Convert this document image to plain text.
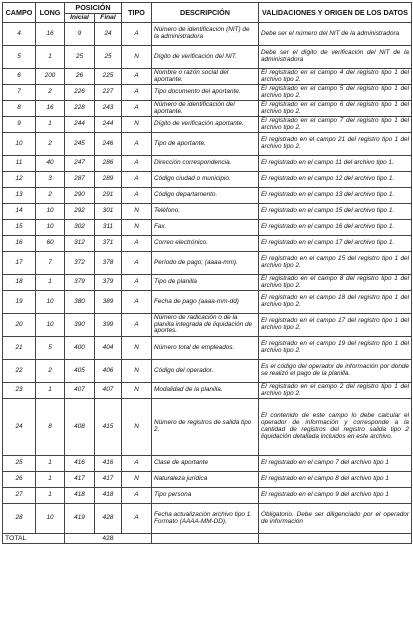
CAMPO	LONG	POSICIÓN		TIPO	DESCRIPCIÓN	VALIDACIONES Y ORIGEN DE LOS DATOS
		Inicial	Final			
4	16	9	24	A	Número de identificación (NIT) de la administradora	Debe ser el número del NIT de la administradora
5	1	25	25	N	Dígito de verificación del NIT.	Debe ser el dígito de verificación del NIT de la administradora
6	200	26	225	A	Nombre o razón social del aportante.	El registrado en el campo 4 del registro tipo 1 del archivo tipo 2.
7	2	226	227	A	Tipo documento del aportante.	El registrado en el campo 5 del registro tipo 1 del archivo tipo 2.
8	16	228	243	A	Número de identificación del aportante.	El registrado en el campo 6 del registro tipo 1 del archivo tipo 2.
9	1	244	244	N	Dígito de verificación aportante.	El registrado en el campo 7 del registro tipo 1 del archivo tipo 2.
10	2	245	246	A	Tipo de aportante.	El registrado en el campo 21 del registro tipo 1 del archivo tipo 2.
11	40	247	286	A	Dirección correspondencia.	El registrado en el campo 11 del archivo tipo 1.
12	3	287	289	A	Código ciudad o municipio.	El registrado en el campo 12 del archivo tipo 1.
13	2	290	291	A	Código departamento.	El registrado en el campo 13 del archivo tipo 1.
14	10	292	301	N	Teléfono.	El registrado en el campo 15 del archivo tipo 1.
15	10	302	311	N	Fax.	El registrado en el campo 16 del archivo tipo 1.
16	60	312	371	A	Correo electrónico.	El registrado en el campo 17 del archivo tipo 1.
17	7	372	378	A	Período de pago; (aaaa-mm).	El registrado en el campo 15 del registro tipo 1 del archivo tipo 2.
18	1	379	379	A	Tipo de planilla	El registrado en el campo 8 del registro tipo 1 del archivo tipo 2.
19	10	380	389	A	Fecha de pago (aaaa-mm-dd)	El registrado en el campo 18 del registro tipo 1 del archivo tipo 2.
20	10	390	399	A	Número de radicación o de la planilla integrada de liquidación de aportes.	El registrado en el campo 17 del registro tipo 1 del archivo tipo 2.
21	5	400	404	N	Número total de empleados.	El registrado en el campo 19 del registro tipo 1 del archivo tipo 2.
22	2	405	406	N	Código del operador.	Es el código del operador de información por donde se realizó el pago de la planilla.
23	1	407	407	N	Modalidad de la planilla.	El registrado en el campo 2 del registro tipo 1 del archivo tipo 2.
24	8	408	415	N	Número de registros de salida tipo 2.	El contenido de este campo lo debe calcular el operador de información y corresponde a la cantidad de registros del registro salida tipo 2 liquidación detallada incluidos en este archivo.
25	1	416	416	A	Clase de aportante	El registrado en el campo 7 del archivo tipo 1
26	1	417	417	N	Naturaleza jurídica	El registrado en el campo 8 del archivo tipo 1
27	1	418	418	A	Tipo persona	El registrado en el campo 9 del archivo tipo 1
28	10	419	428	A	Fecha actualización archivo tipo 1. Formato (AAAA-MM-DD).	Obligatorio. Debe ser diligenciado por el operador de información
TOTAL		428				
